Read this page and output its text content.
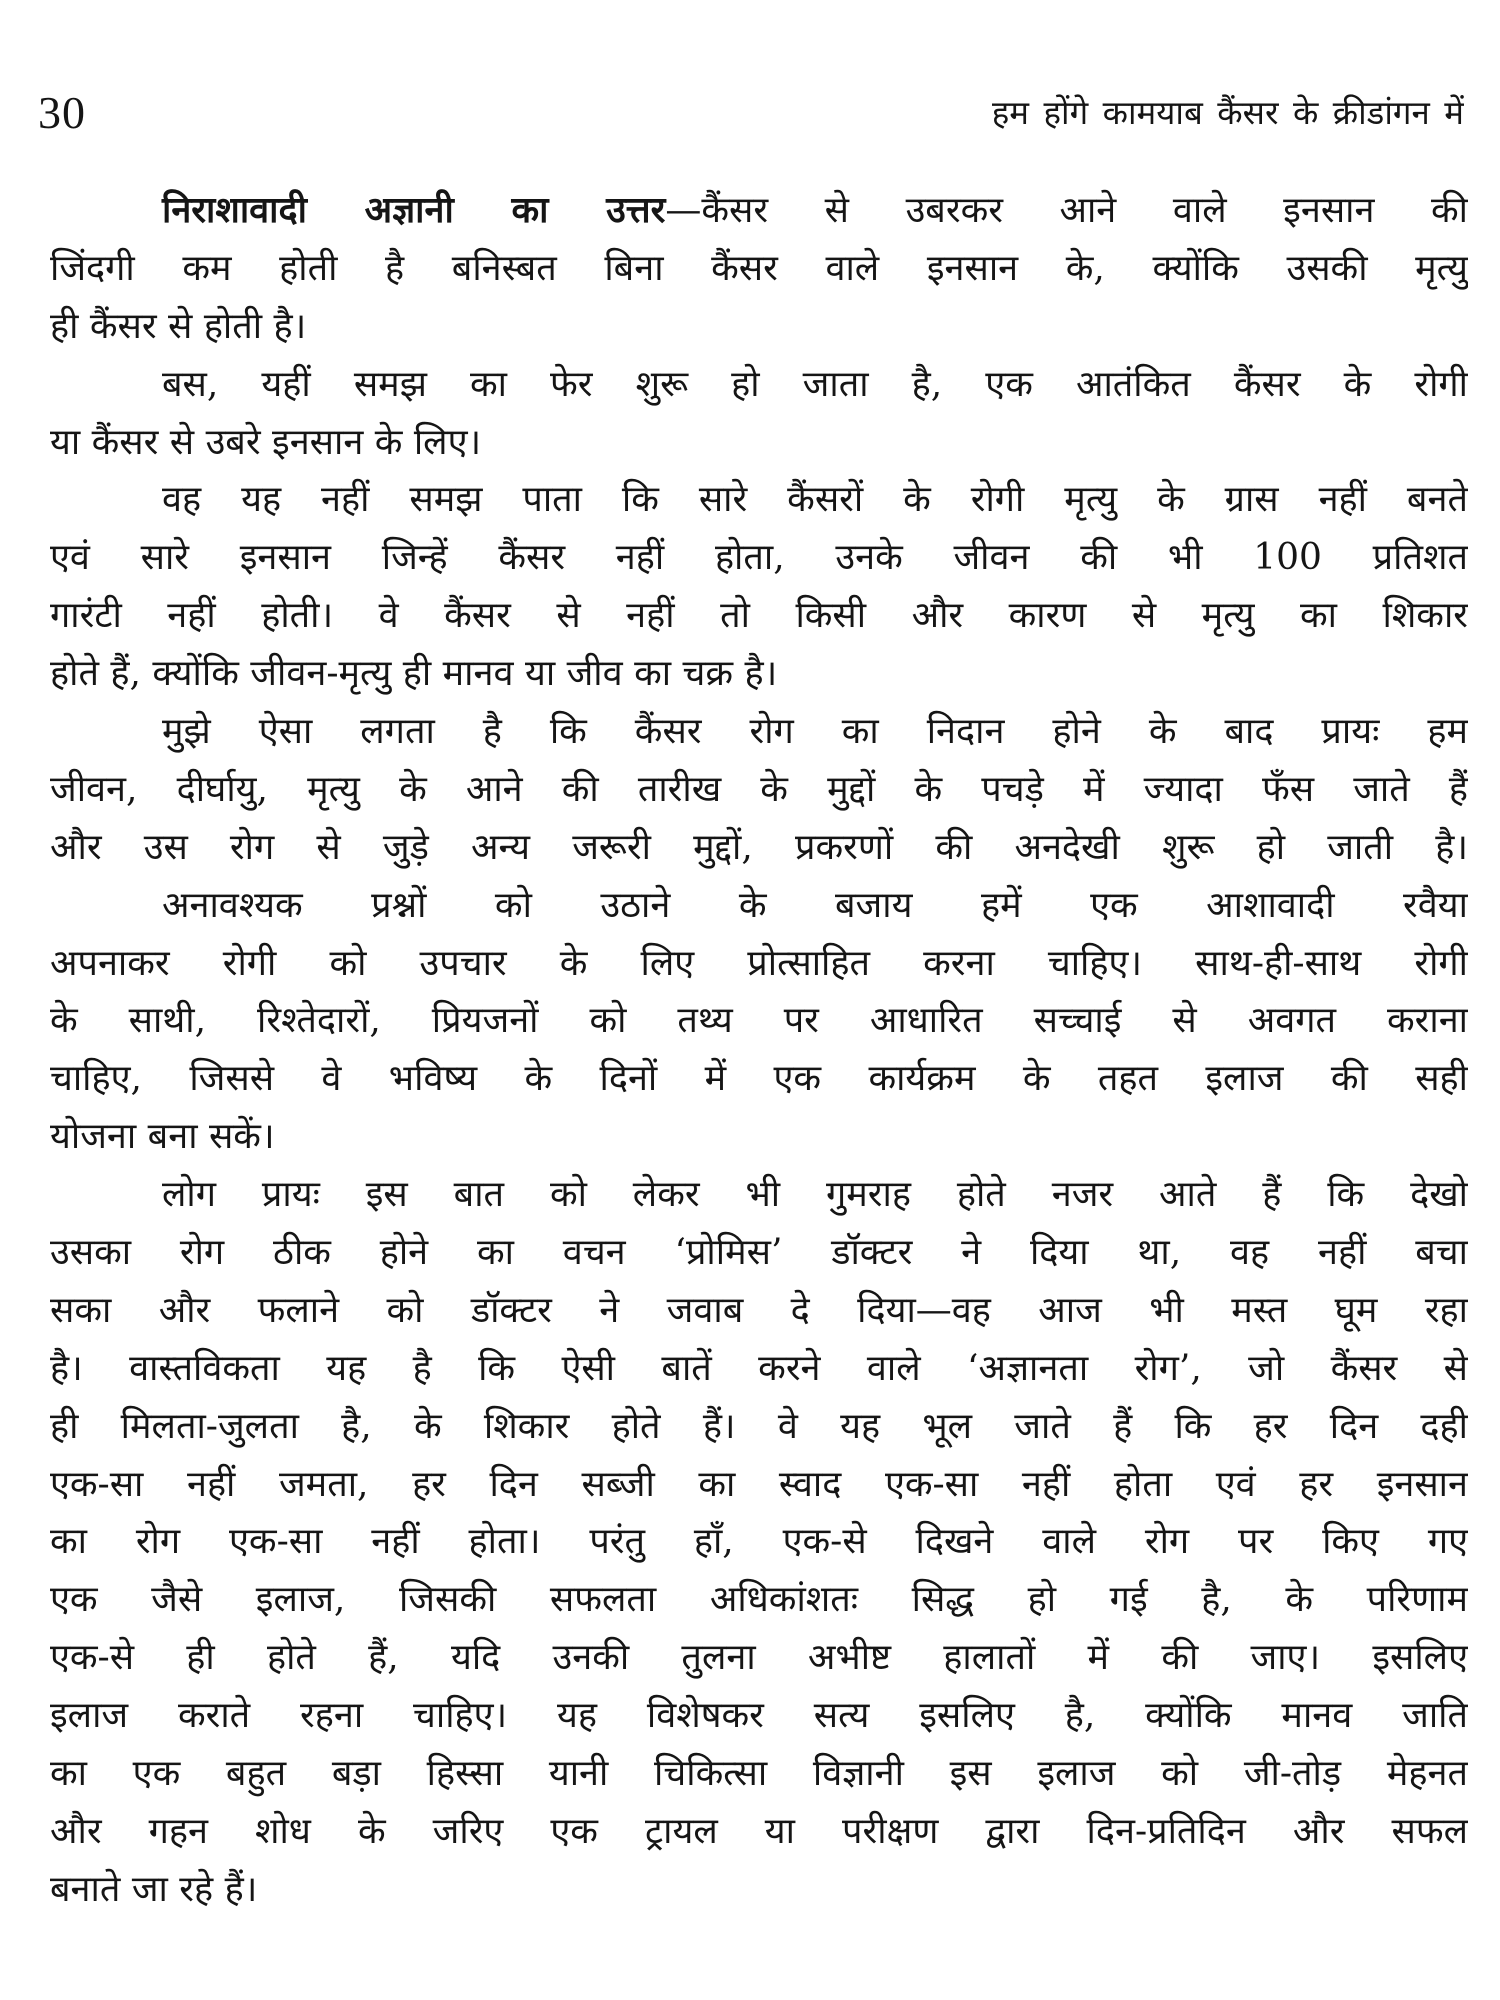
30	हम होंगे कामयाब कैंसर के क्रीडांगन में
निराशावादी अज्ञानी का उत्तर—कैंसर से उबरकर आने वाले इनसान की
जिंदगी कम होती है बनिस्बत बिना कैंसर वाले इनसान के, क्योंकि उसकी मृत्यु
ही कैंसर से होती है।
बस, यहीं समझ का फेर शुरू हो जाता है, एक आतंकित कैंसर के रोगी
या कैंसर से उबरे इनसान के लिए।
वह यह नहीं समझ पाता कि सारे कैंसरों के रोगी मृत्यु के ग्रास नहीं बनते
एवं सारे इनसान जिन्हें कैंसर नहीं होता, उनके जीवन की भी 100 प्रतिशत
गारंटी नहीं होती। वे कैंसर से नहीं तो किसी और कारण से मृत्यु का शिकार
होते हैं, क्योंकि जीवन-मृत्यु ही मानव या जीव का चक्र है।
मुझे ऐसा लगता है कि कैंसर रोग का निदान होने के बाद प्रायः हम
जीवन, दीर्घायु, मृत्यु के आने की तारीख के मुद्दों के पचड़े में ज्यादा फँस जाते हैं
और उस रोग से जुड़े अन्य जरूरी मुद्दों, प्रकरणों की अनदेखी शुरू हो जाती है।
अनावश्यक प्रश्नों को उठाने के बजाय हमें एक आशावादी रवैया
अपनाकर रोगी को उपचार के लिए प्रोत्साहित करना चाहिए। साथ-ही-साथ रोगी
के साथी, रिश्तेदारों, प्रियजनों को तथ्य पर आधारित सच्चाई से अवगत कराना
चाहिए, जिससे वे भविष्य के दिनों में एक कार्यक्रम के तहत इलाज की सही
योजना बना सकें।
लोग प्रायः इस बात को लेकर भी गुमराह होते नजर आते हैं कि देखो
उसका रोग ठीक होने का वचन ‘प्रोमिस’ डॉक्टर ने दिया था, वह नहीं बचा
सका और फलाने को डॉक्टर ने जवाब दे दिया—वह आज भी मस्त घूम रहा
है। वास्तविकता यह है कि ऐसी बातें करने वाले ‘अज्ञानता रोग’, जो कैंसर से
ही मिलता-जुलता है, के शिकार होते हैं। वे यह भूल जाते हैं कि हर दिन दही
एक-सा नहीं जमता, हर दिन सब्जी का स्वाद एक-सा नहीं होता एवं हर इनसान
का रोग एक-सा नहीं होता। परंतु हाँ, एक-से दिखने वाले रोग पर किए गए
एक जैसे इलाज, जिसकी सफलता अधिकांशतः सिद्ध हो गई है, के परिणाम
एक-से ही होते हैं, यदि उनकी तुलना अभीष्ट हालातों में की जाए। इसलिए
इलाज कराते रहना चाहिए। यह विशेषकर सत्य इसलिए है, क्योंकि मानव जाति
का एक बहुत बड़ा हिस्सा यानी चिकित्सा विज्ञानी इस इलाज को जी-तोड़ मेहनत
और गहन शोध के जरिए एक ट्रायल या परीक्षण द्वारा दिन-प्रतिदिन और सफल
बनाते जा रहे हैं।
